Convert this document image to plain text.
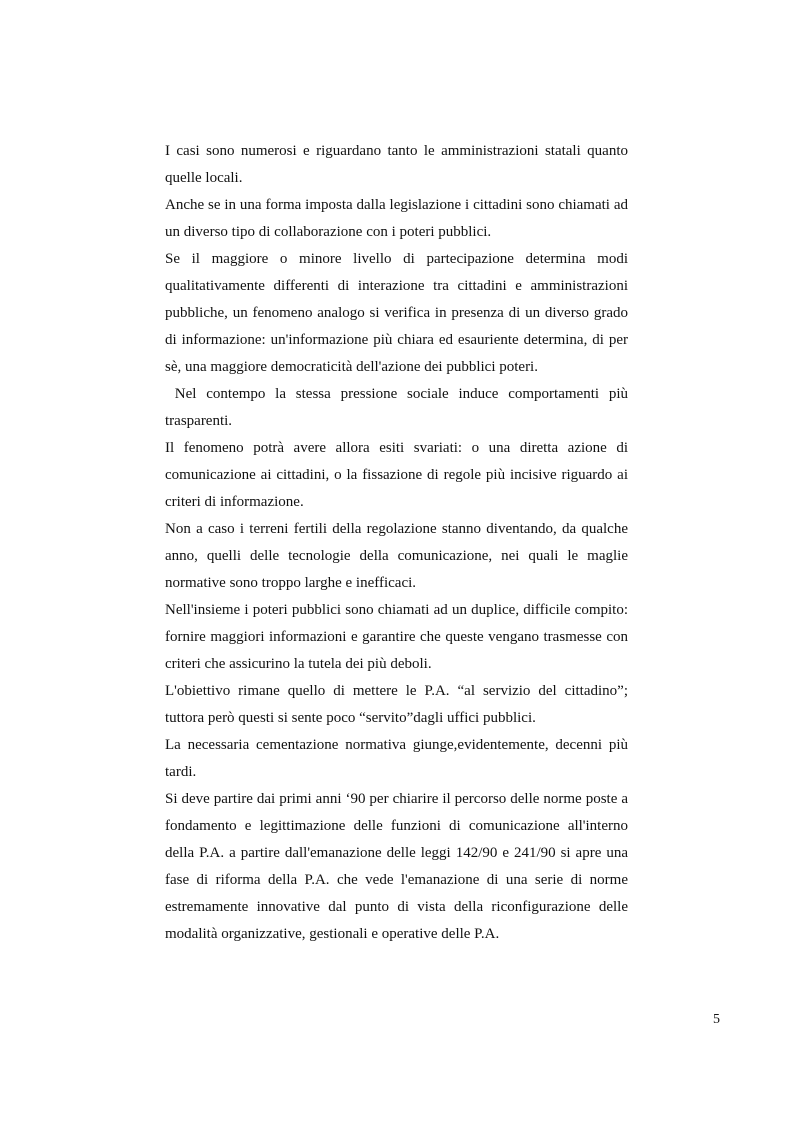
I casi sono numerosi e riguardano tanto le amministrazioni statali quanto quelle locali.

Anche se in una forma imposta dalla legislazione i cittadini sono chiamati ad un diverso tipo di collaborazione con i poteri pubblici.

Se il maggiore o minore livello di partecipazione determina modi qualitativamente differenti di interazione tra cittadini e amministrazioni pubbliche, un fenomeno analogo si verifica in presenza di un diverso grado di informazione: un'informazione più chiara ed esauriente determina, di per sè, una maggiore democraticità dell'azione dei pubblici poteri.

Nel contempo la stessa pressione sociale induce comportamenti più trasparenti.

Il fenomeno potrà avere allora esiti svariati: o una diretta azione di comunicazione ai cittadini, o la fissazione di regole più incisive riguardo ai criteri di informazione.

Non a caso i terreni fertili della regolazione stanno diventando, da qualche anno, quelli delle tecnologie della comunicazione, nei quali le maglie normative sono troppo larghe e inefficaci.

Nell'insieme i poteri pubblici sono chiamati ad un duplice, difficile compito: fornire maggiori informazioni e garantire che queste vengano trasmesse con criteri che assicurino la tutela dei più deboli.

L'obiettivo rimane quello di mettere le P.A. “al servizio del cittadino”; tuttora però questi si sente poco “servito”dagli uffici pubblici.

La necessaria cementazione normativa giunge,evidentemente, decenni più tardi.

Si deve partire dai primi anni ‘90 per chiarire il percorso delle norme poste a fondamento e legittimazione delle funzioni di comunicazione all'interno della P.A. a partire dall'emanazione delle leggi 142/90 e 241/90 si apre una fase di riforma della P.A. che vede l'emanazione di una serie di norme estremamente innovative dal punto di vista della riconfigurazione delle modalità organizzative, gestionali e operative delle P.A.

5
